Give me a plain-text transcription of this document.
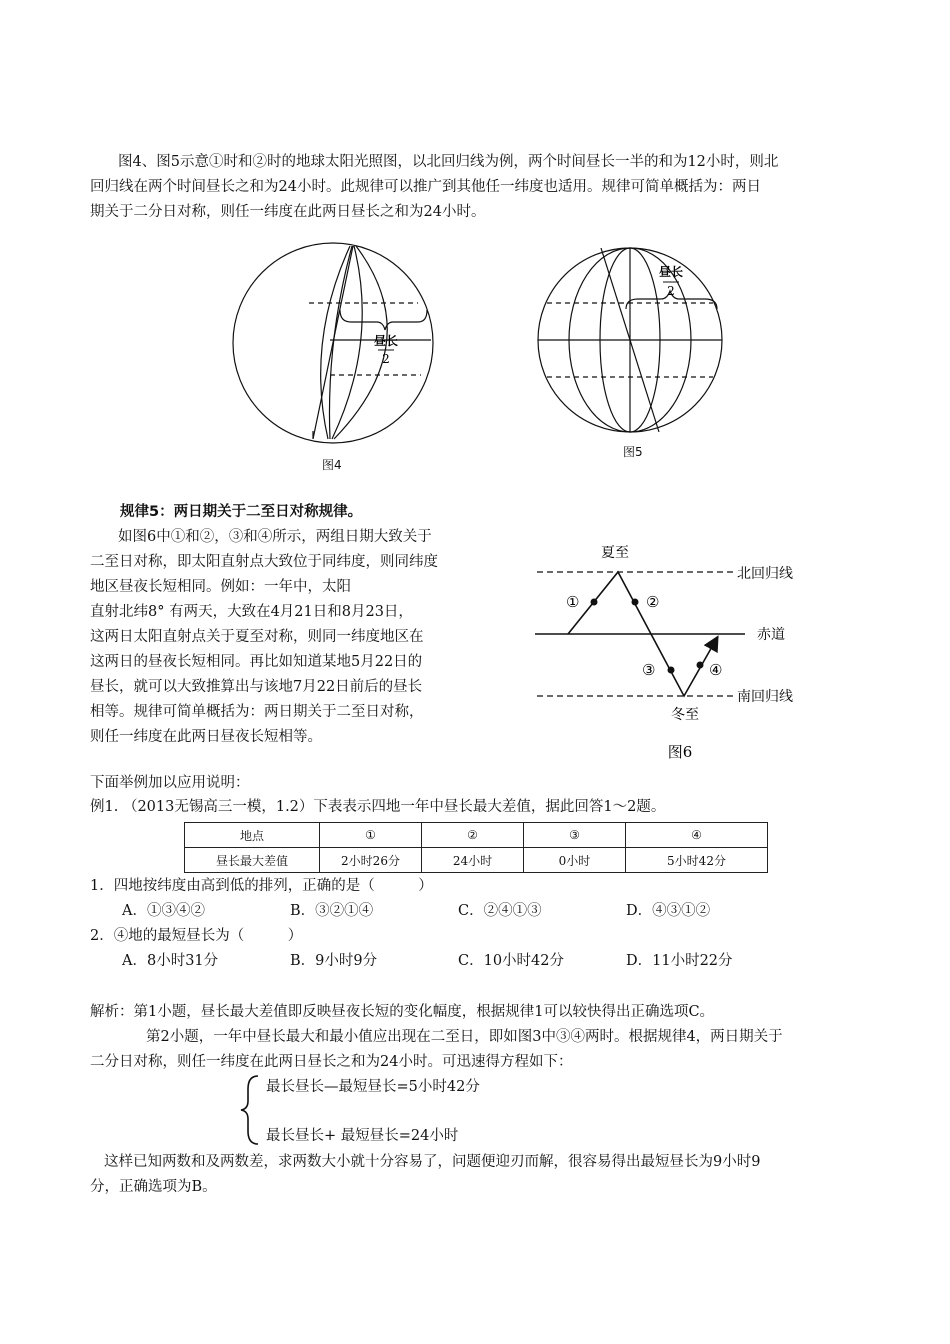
图4、图5示意①时和②时的地球太阳光照图，以北回归线为例，两个时间昼长一半的和为12小时，则北

回归线在两个时间昼长之和为24小时。此规律可以推广到其他任一纬度也适用。规律可简单概括为：两日

期关于二分日对称，则任一纬度在此两日昼长之和为24小时。

昼长
2
图4
昼长
2
图5

规律5：两日期关于二至日对称规律。

如图6中①和②，③和④所示，两组日期大致关于

二至日对称，即太阳直射点大致位于同纬度，则同纬度

地区昼夜长短相同。例如：一年中，太阳

直射北纬8° 有两天，大致在4月21日和8月23日，

这两日太阳直射点关于夏至对称，则同一纬度地区在

这两日的昼夜长短相同。再比如知道某地5月22日的

昼长，就可以大致推算出与该地7月22日前后的昼长

相等。规律可简单概括为：两日期关于二至日对称，

则任一纬度在此两日昼夜长短相等。

夏至
冬至
北回归线
赤道
南回归线
①	②
③	④
图6

下面举例加以应用说明：

例1. （2013无锡高三一模，1.2）下表表示四地一年中昼长最大差值，据此回答1～2题。

地点	①	②	③	④
昼长最大差值	2小时26分	24小时	0小时	5小时42分

1．四地按纬度由高到低的排列，正确的是（　　　）

A．①③④②	B．③②①④	C．②④①③	D．④③①②

2．④地的最短昼长为（　　　）

A．8小时31分	B．9小时9分	C．10小时42分	D．11小时22分

解析：第1小题，昼长最大差值即反映昼夜长短的变化幅度，根据规律1可以较快得出正确选项C。

第2小题，一年中昼长最大和最小值应出现在二至日，即如图3中③④两时。根据规律4，两日期关于

二分日对称，则任一纬度在此两日昼长之和为24小时。可迅速得方程如下：

最长昼长—最短昼长=5小时42分

最长昼长+ 最短昼长=24小时

这样已知两数和及两数差，求两数大小就十分容易了，问题便迎刃而解，很容易得出最短昼长为9小时9

分，正确选项为B。
